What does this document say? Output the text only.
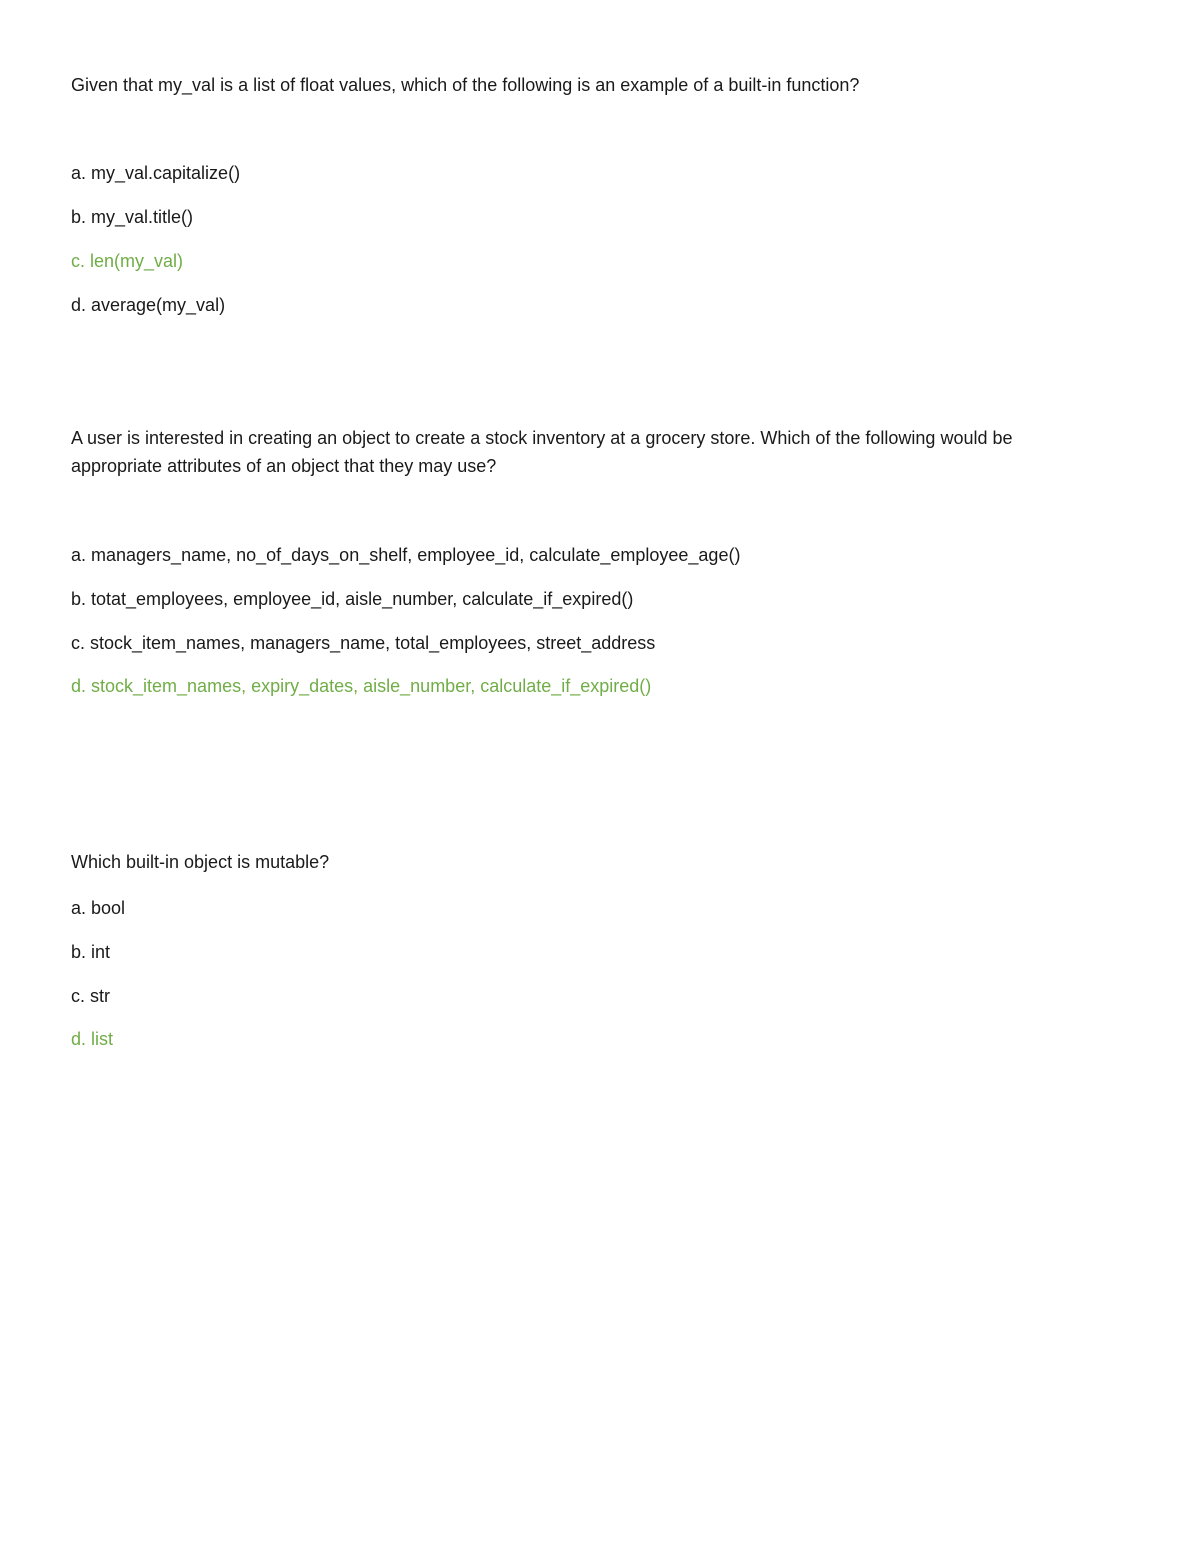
Given that my_val is a list of float values, which of the following is an example of a built-in function?

a. my_val.capitalize()

b. my_val.title()

c. len(my_val)

d. average(my_val)

A user is interested in creating an object to create a stock inventory at a grocery store. Which of the following would be

appropriate attributes of an object that they may use?

a. managers_name, no_of_days_on_shelf, employee_id, calculate_employee_age()

b. totat_employees, employee_id, aisle_number, calculate_if_expired()

c. stock_item_names, managers_name, total_employees, street_address

d. stock_item_names, expiry_dates, aisle_number, calculate_if_expired()

Which built-in object is mutable?

a. bool

b. int

c. str

d. list
